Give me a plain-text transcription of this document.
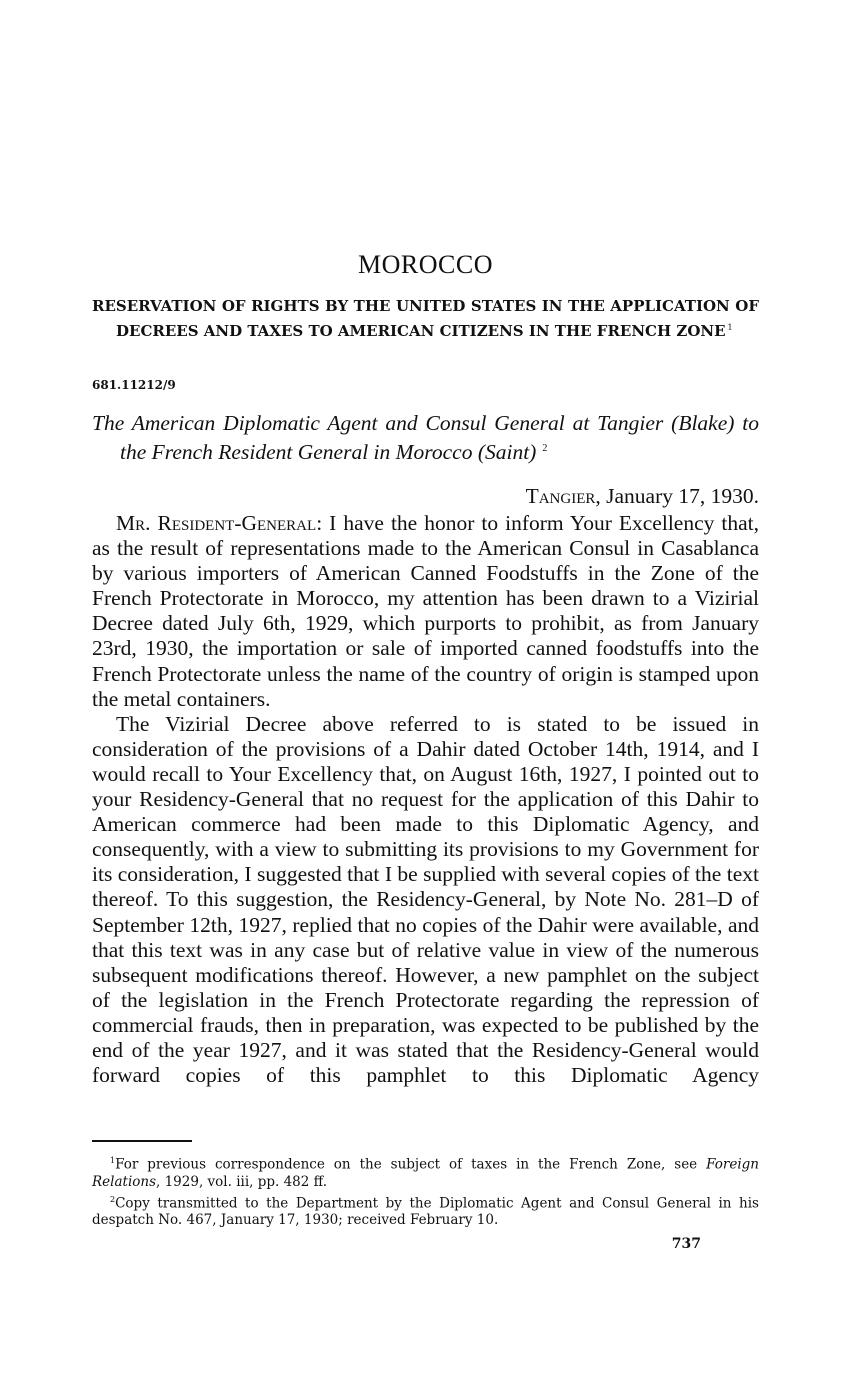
MOROCCO
RESERVATION OF RIGHTS BY THE UNITED STATES IN THE APPLICATION OF DECREES AND TAXES TO AMERICAN CITIZENS IN THE FRENCH ZONE $^1$
681.11212/9
The American Diplomatic Agent and Consul General at Tangier (Blake) to the French Resident General in Morocco (Saint) $^2$
Tangier, January 17, 1930.

Mr. Resident-General: I have the honor to inform Your Excellency that, as the result of representations made to the American Consul in Casablanca by various importers of American Canned Foodstuffs in the Zone of the French Protectorate in Morocco, my attention has been drawn to a Vizirial Decree dated July 6th, 1929, which purports to prohibit, as from January 23rd, 1930, the importation or sale of imported canned foodstuffs into the French Protectorate unless the name of the country of origin is stamped upon the metal containers.

The Vizirial Decree above referred to is stated to be issued in consideration of the provisions of a Dahir dated October 14th, 1914, and I would recall to Your Excellency that, on August 16th, 1927, I pointed out to your Residency-General that no request for the application of this Dahir to American commerce had been made to this Diplomatic Agency, and consequently, with a view to submitting its provisions to my Government for its consideration, I suggested that I be supplied with several copies of the text thereof. To this suggestion, the Residency-General, by Note No. 281–D of September 12th, 1927, replied that no copies of the Dahir were available, and that this text was in any case but of relative value in view of the numerous subsequent modifications thereof. However, a new pamphlet on the subject of the legislation in the French Protectorate regarding the repression of commercial frauds, then in preparation, was expected to be published by the end of the year 1927, and it was stated that the Residency-General would forward copies of this pamphlet to this Diplomatic Agency

$^1$For previous correspondence on the subject of taxes in the French Zone, see Foreign Relations, 1929, vol. iii, pp. 482 ff.

$^2$Copy transmitted to the Department by the Diplomatic Agent and Consul General in his despatch No. 467, January 17, 1930; received February 10.

737
